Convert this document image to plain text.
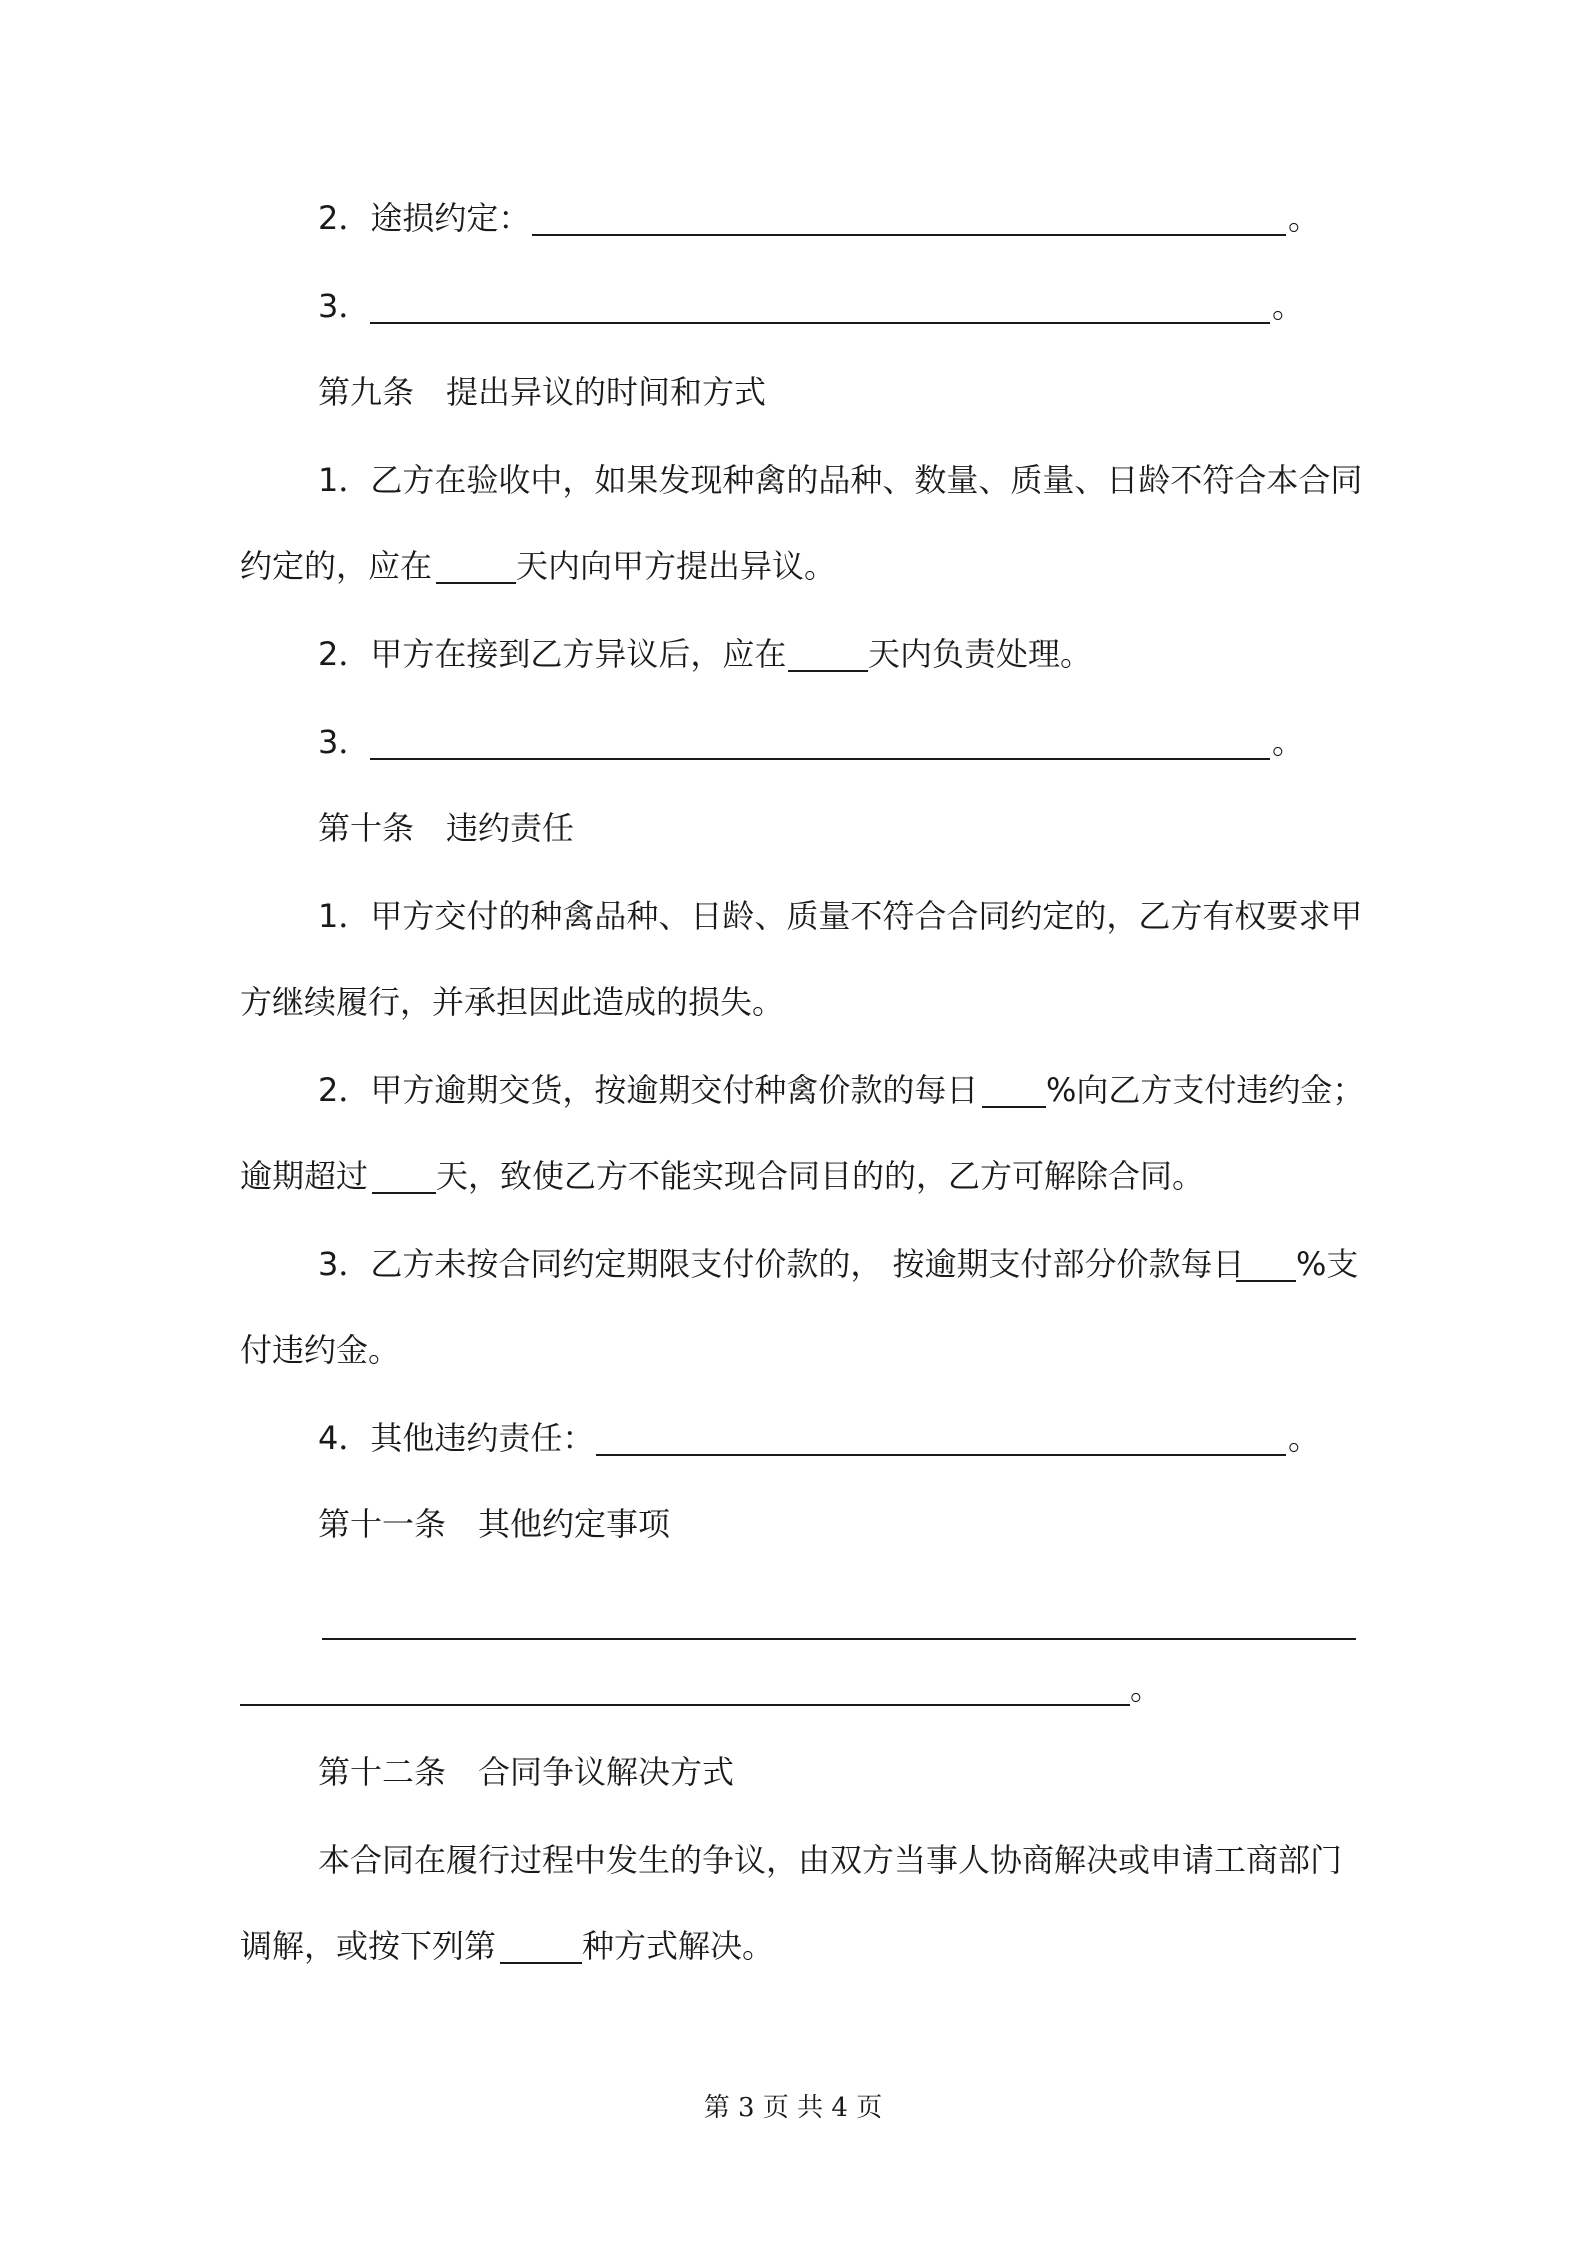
2．途损约定：	。
3．	。
第九条 提出异议的时间和方式
1．乙方在验收中，如果发现种禽的品种、数量、质量、日龄不符合本合同
约定的，应在	天内向甲方提出异议。
2．甲方在接到乙方异议后，应在	天内负责处理。
3．	。
第十条 违约责任
1．甲方交付的种禽品种、日龄、质量不符合合同约定的，乙方有权要求甲
方继续履行，并承担因此造成的损失。
2．甲方逾期交货，按逾期交付种禽价款的每日 %向乙方支付违约金；
逾期超过 天，致使乙方不能实现合同目的的，乙方可解除合同。
3．乙方未按合同约定期限支付价款的， 按逾期支付部分价款每日 %支
付违约金。
4．其他违约责任：	。
第十一条 其他约定事项
。
第十二条 合同争议解决方式
本合同在履行过程中发生的争议，由双方当事人协商解决或申请工商部门
调解，或按下列第	种方式解决。
第 3 页 共 4 页
